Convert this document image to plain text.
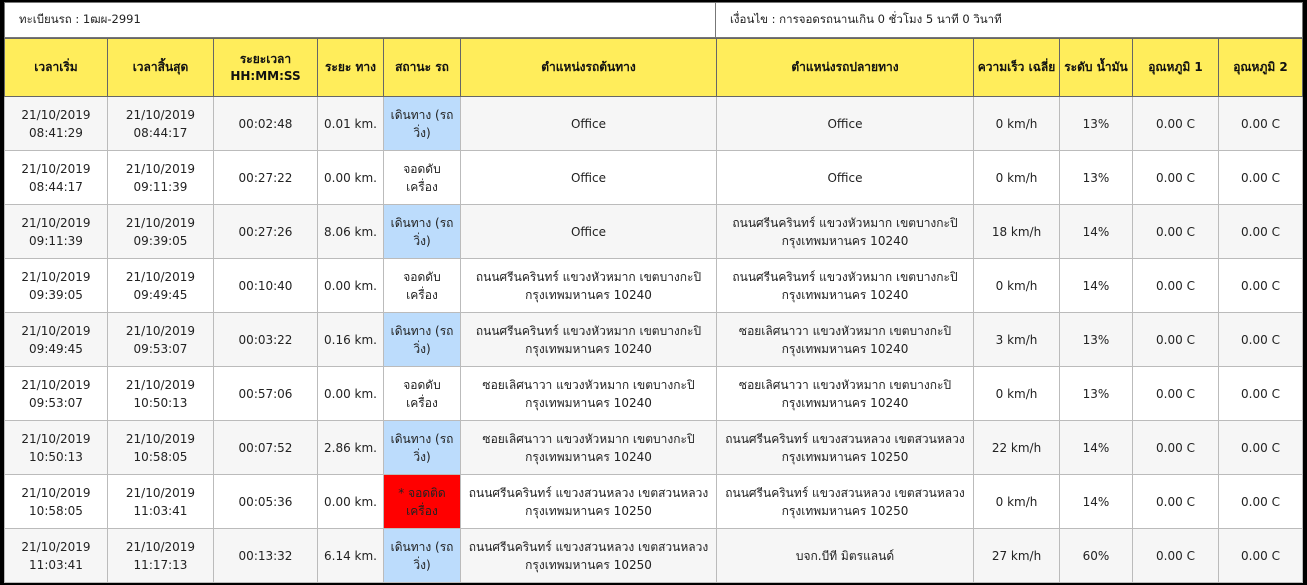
ทะเบียนรถ : 1ฒผ-2991	เงื่อนไข : การจอดรถนานเกิน 0 ชั่วโมง 5 นาที 0 วินาที
เวลาเริ่ม	เวลาสิ้นสุด	ระยะเวลา HH:MM:SS	ระยะ ทาง	สถานะ รถ	ตำแหน่งรถต้นทาง	ตำแหน่งรถปลายทาง	ความเร็ว เฉลี่ย	ระดับ น้ำมัน	อุณหภูมิ 1	อุณหภูมิ 2
21/10/2019 08:41:29	21/10/2019 08:44:17	00:02:48	0.01 km.	เดินทาง (รถวิ่ง)	Office	Office	0 km/h	13%	0.00 C	0.00 C
21/10/2019 08:44:17	21/10/2019 09:11:39	00:27:22	0.00 km.	จอดดับ เครื่อง	Office	Office	0 km/h	13%	0.00 C	0.00 C
21/10/2019 09:11:39	21/10/2019 09:39:05	00:27:26	8.06 km.	เดินทาง (รถวิ่ง)	Office	ถนนศรีนครินทร์ แขวงหัวหมาก เขตบางกะปิ กรุงเทพมหานคร 10240	18 km/h	14%	0.00 C	0.00 C
21/10/2019 09:39:05	21/10/2019 09:49:45	00:10:40	0.00 km.	จอดดับ เครื่อง	ถนนศรีนครินทร์ แขวงหัวหมาก เขตบางกะปิ กรุงเทพมหานคร 10240	ถนนศรีนครินทร์ แขวงหัวหมาก เขตบางกะปิ กรุงเทพมหานคร 10240	0 km/h	14%	0.00 C	0.00 C
21/10/2019 09:49:45	21/10/2019 09:53:07	00:03:22	0.16 km.	เดินทาง (รถวิ่ง)	ถนนศรีนครินทร์ แขวงหัวหมาก เขตบางกะปิ กรุงเทพมหานคร 10240	ซอยเลิศนาวา แขวงหัวหมาก เขตบางกะปิ กรุงเทพมหานคร 10240	3 km/h	13%	0.00 C	0.00 C
21/10/2019 09:53:07	21/10/2019 10:50:13	00:57:06	0.00 km.	จอดดับ เครื่อง	ซอยเลิศนาวา แขวงหัวหมาก เขตบางกะปิ กรุงเทพมหานคร 10240	ซอยเลิศนาวา แขวงหัวหมาก เขตบางกะปิ กรุงเทพมหานคร 10240	0 km/h	13%	0.00 C	0.00 C
21/10/2019 10:50:13	21/10/2019 10:58:05	00:07:52	2.86 km.	เดินทาง (รถวิ่ง)	ซอยเลิศนาวา แขวงหัวหมาก เขตบางกะปิ กรุงเทพมหานคร 10240	ถนนศรีนครินทร์ แขวงสวนหลวง เขตสวนหลวง กรุงเทพมหานคร 10250	22 km/h	14%	0.00 C	0.00 C
21/10/2019 10:58:05	21/10/2019 11:03:41	00:05:36	0.00 km.	* จอดติด เครื่อง	ถนนศรีนครินทร์ แขวงสวนหลวง เขตสวนหลวง กรุงเทพมหานคร 10250	ถนนศรีนครินทร์ แขวงสวนหลวง เขตสวนหลวง กรุงเทพมหานคร 10250	0 km/h	14%	0.00 C	0.00 C
21/10/2019 11:03:41	21/10/2019 11:17:13	00:13:32	6.14 km.	เดินทาง (รถวิ่ง)	ถนนศรีนครินทร์ แขวงสวนหลวง เขตสวนหลวง กรุงเทพมหานคร 10250	บจก.บีที มิตรแลนด์	27 km/h	60%	0.00 C	0.00 C
